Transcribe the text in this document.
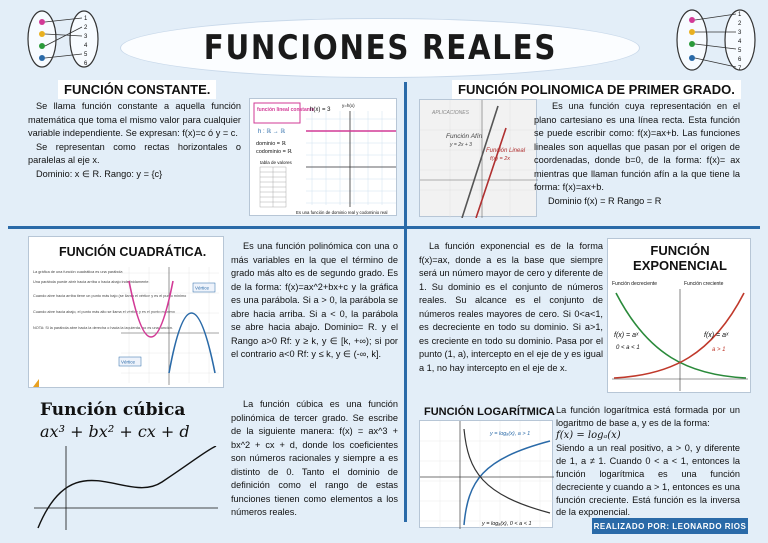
1
2
3
4
5
6
1
2
3
4
5
6
7
FUNCIONES REALES
FUNCIÓN CONSTANTE.

Se llama función constante a aquella función matemática que toma el mismo valor para cualquier variable independiente. Se expresan: f(x)=c ó y = c.

Se representan como rectas horizontales o paralelas al eje x.

Dominio: x ∈ R. Rango: y = {c}

función lineal constante
h : ℝ → ℝ
dominio = ℝ
codominio = ℝ
tabla de valores
h(x) = 3
y=h(x)
Es una función de dominio real y codominio real
FUNCIÓN POLINOMICA DE PRIMER GRADO.
APLICACIONES
Función Afín
y = 2x + 3
Función Lineal
f(x) = 2x

Es una función cuya representación en el plano cartesiano es una línea recta. Esta función se puede escribir como: f(x)=ax+b. Las funciones lineales son aquellas que pasan por el origen de coordenadas, donde b=0, de la forma: f(x)= ax mientras que llaman función afín a la que tiene la forma: f(x)=ax+b.

Dominio f(x) = R Rango = R

FUNCIÓN CUADRÁTICA.
La gráfica de una función cuadrática es una parábola
Una parábola puede abrir hacia arriba o hacia abajo indefinidamente.
Cuando abre hacia arriba tiene un punto más bajo (se llama el vértice y es el punto mínimo
Cuando abre hacia abajo, el punto más alto se llama el vértice y es el punto máximo
NOTA: Si la parábola abre hacia la derecha o hacia la izquierda, no es una función.
Vértice
Vértice

Es una función polinómica con una o más variables en la que el término de grado más alto es de segundo grado. Es de la forma: f(x)=ax^2+bx+c y la gráfica es una parábola. Si a > 0, la parábola se abre hacia arriba. Si a < 0, la parábola se abre hacia abajo. Dominio= R. y el Rango a>0 Rf: y ≥ k, y ∈ [k, +∞); si por el contrario a<0 Rf: y ≤ k, y ∈ (-∞, k].

Función cúbica
ax³ + bx² + cx + d

La función cúbica es una función polinómica de tercer grado. Se escribe de la siguiente manera: f(x) = ax^3 + bx^2 + cx + d, donde los coeficientes son números racionales y siempre a es distinto de 0. Tanto el dominio de definición como el rango de estas funciones tienen como elementos a los números reales.

La función exponencial es de la forma f(x)=ax, donde a es la base que siempre será un número mayor de cero y diferente de 1. Su dominio es el conjunto de números reales. Su alcance es el conjunto de números reales mayores de cero. Si 0<a<1, es decreciente en todo su dominio. Si a>1, es creciente en todo su dominio. Pasa por el punto (1, a), intercepto en el eje de y es igual a 1, no hay intercepto en el eje de x.

FUNCIÓN
EXPONENCIAL
Función decreciente	Función creciente
f(x) = aˣ
0 < a < 1
f(x) = aˣ
a > 1
FUNCIÓN LOGARÍTMICA
y = logₐ(x), a > 1
y = logₐ(x), 0 < a < 1

La función logarítmica está formada por un logaritmo de base a, y es de la forma:

f(x) = logₐ(x)

Siendo a un real positivo, a > 0, y diferente de 1, a ≠ 1. Cuando 0 < a < 1, entonces la función logarítmica es una función decreciente y cuando a > 1, entonces es una función creciente. Está función es la inversa de la exponencial.

REALIZADO POR: LEONARDO RIOS
